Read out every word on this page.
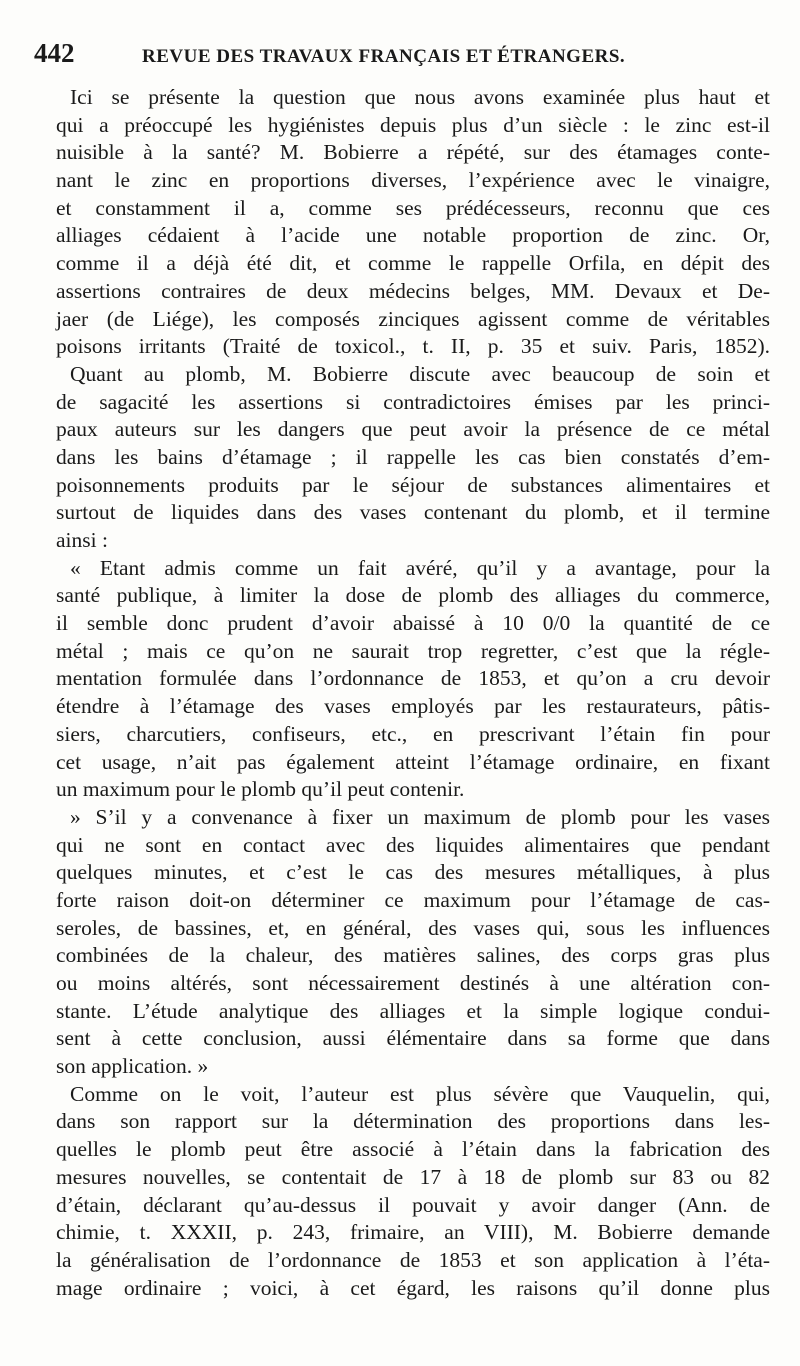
442	REVUE DES TRAVAUX FRANÇAIS ET ÉTRANGERS.
Ici se présente la question que nous avons examinée plus haut et
qui a préoccupé les hygiénistes depuis plus d’un siècle : le zinc est-il
nuisible à la santé? M. Bobierre a répété, sur des étamages conte-
nant le zinc en proportions diverses, l’expérience avec le vinaigre,
et constamment il a, comme ses prédécesseurs, reconnu que ces
alliages cédaient à l’acide une notable proportion de zinc. Or,
comme il a déjà été dit, et comme le rappelle Orfila, en dépit des
assertions contraires de deux médecins belges, MM. Devaux et De-
jaer (de Liége), les composés zinciques agissent comme de véritables
poisons irritants (Traité de toxicol., t. II, p. 35 et suiv. Paris, 1852).
Quant au plomb, M. Bobierre discute avec beaucoup de soin et
de sagacité les assertions si contradictoires émises par les princi-
paux auteurs sur les dangers que peut avoir la présence de ce métal
dans les bains d’étamage ; il rappelle les cas bien constatés d’em-
poisonnements produits par le séjour de substances alimentaires et
surtout de liquides dans des vases contenant du plomb, et il termine
ainsi :
« Etant admis comme un fait avéré, qu’il y a avantage, pour la
santé publique, à limiter la dose de plomb des alliages du commerce,
il semble donc prudent d’avoir abaissé à 10 0/0 la quantité de ce
métal ; mais ce qu’on ne saurait trop regretter, c’est que la régle-
mentation formulée dans l’ordonnance de 1853, et qu’on a cru devoir
étendre à l’étamage des vases employés par les restaurateurs, pâtis-
siers, charcutiers, confiseurs, etc., en prescrivant l’étain fin pour
cet usage, n’ait pas également atteint l’étamage ordinaire, en fixant
un maximum pour le plomb qu’il peut contenir.
» S’il y a convenance à fixer un maximum de plomb pour les vases
qui ne sont en contact avec des liquides alimentaires que pendant
quelques minutes, et c’est le cas des mesures métalliques, à plus
forte raison doit-on déterminer ce maximum pour l’étamage de cas-
seroles, de bassines, et, en général, des vases qui, sous les influences
combinées de la chaleur, des matières salines, des corps gras plus
ou moins altérés, sont nécessairement destinés à une altération con-
stante. L’étude analytique des alliages et la simple logique condui-
sent à cette conclusion, aussi élémentaire dans sa forme que dans
son application. »
Comme on le voit, l’auteur est plus sévère que Vauquelin, qui,
dans son rapport sur la détermination des proportions dans les-
quelles le plomb peut être associé à l’étain dans la fabrication des
mesures nouvelles, se contentait de 17 à 18 de plomb sur 83 ou 82
d’étain, déclarant qu’au-dessus il pouvait y avoir danger (Ann. de
chimie, t. XXXII, p. 243, frimaire, an VIII), M. Bobierre demande
la généralisation de l’ordonnance de 1853 et son application à l’éta-
mage ordinaire ; voici, à cet égard, les raisons qu’il donne plus
